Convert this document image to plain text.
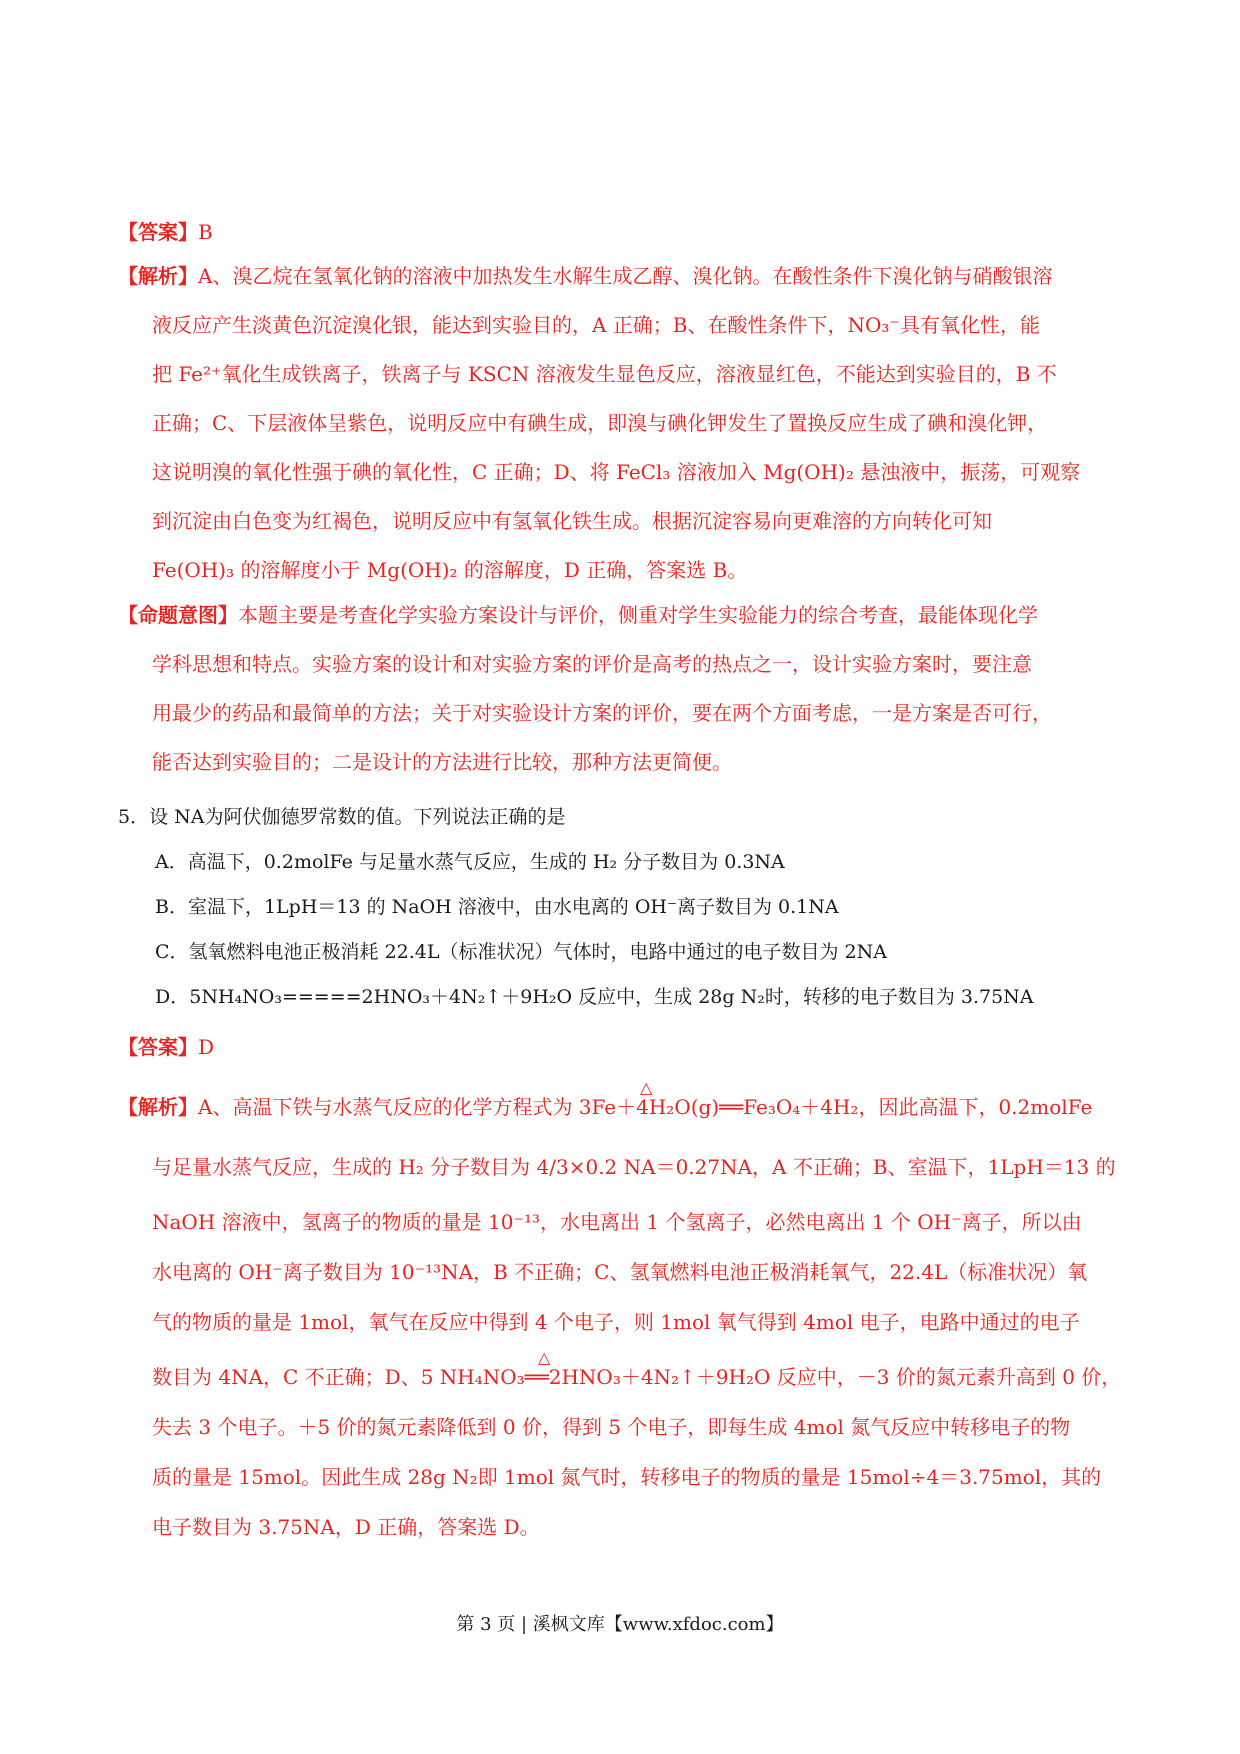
【答案】B
【解析】A、溴乙烷在氢氧化钠的溶液中加热发生水解生成乙醇、溴化钠。在酸性条件下溴化钠与硝酸银溶
液反应产生淡黄色沉淀溴化银，能达到实验目的，A 正确；B、在酸性条件下，NO₃⁻具有氧化性，能
把 Fe²⁺氧化生成铁离子，铁离子与 KSCN 溶液发生显色反应，溶液显红色，不能达到实验目的，B 不
正确；C、下层液体呈紫色，说明反应中有碘生成，即溴与碘化钾发生了置换反应生成了碘和溴化钾，
这说明溴的氧化性强于碘的氧化性，C 正确；D、将 FeCl₃ 溶液加入 Mg(OH)₂ 悬浊液中，振荡，可观察
到沉淀由白色变为红褐色，说明反应中有氢氧化铁生成。根据沉淀容易向更难溶的方向转化可知
Fe(OH)₃ 的溶解度小于 Mg(OH)₂ 的溶解度，D 正确，答案选 B。
【命题意图】本题主要是考查化学实验方案设计与评价，侧重对学生实验能力的综合考查，最能体现化学
学科思想和特点。实验方案的设计和对实验方案的评价是高考的热点之一，设计实验方案时，要注意
用最少的药品和最简单的方法；关于对实验设计方案的评价，要在两个方面考虑，一是方案是否可行，
能否达到实验目的；二是设计的方法进行比较，那种方法更简便。
5．设 NA为阿伏伽德罗常数的值。下列说法正确的是
A．高温下，0.2molFe 与足量水蒸气反应，生成的 H₂ 分子数目为 0.3NA
B．室温下，1LpH＝13 的 NaOH 溶液中，由水电离的 OH⁻离子数目为 0.1NA
C．氢氧燃料电池正极消耗 22.4L（标准状况）气体时，电路中通过的电子数目为 2NA
D．5NH₄NO₃=====2HNO₃＋4N₂↑＋9H₂O 反应中，生成 28g N₂时，转移的电子数目为 3.75NA
【答案】D
【解析】A、高温下铁与水蒸气反应的化学方程式为 3Fe＋4H₂O(g)══Fe₃O₄＋4H₂，因此高温下，0.2molFe
与足量水蒸气反应，生成的 H₂ 分子数目为 4/3×0.2 NA＝0.27NA，A 不正确；B、室温下，1LpH＝13 的
NaOH 溶液中，氢离子的物质的量是 10⁻¹³，水电离出 1 个氢离子，必然电离出 1 个 OH⁻离子，所以由
水电离的 OH⁻离子数目为 10⁻¹³NA，B 不正确；C、氢氧燃料电池正极消耗氧气，22.4L（标准状况）氧
气的物质的量是 1mol，氧气在反应中得到 4 个电子，则 1mol 氧气得到 4mol 电子，电路中通过的电子
数目为 4NA，C 不正确；D、5 NH₄NO₃══2HNO₃＋4N₂↑＋9H₂O 反应中，－3 价的氮元素升高到 0 价，
失去 3 个电子。＋5 价的氮元素降低到 0 价，得到 5 个电子，即每生成 4mol 氮气反应中转移电子的物
质的量是 15mol。因此生成 28g N₂即 1mol 氮气时，转移电子的物质的量是 15mol÷4＝3.75mol，其的
电子数目为 3.75NA，D 正确，答案选 D。
△
△
第 3 页 | 溪枫文库【www.xfdoc.com】
